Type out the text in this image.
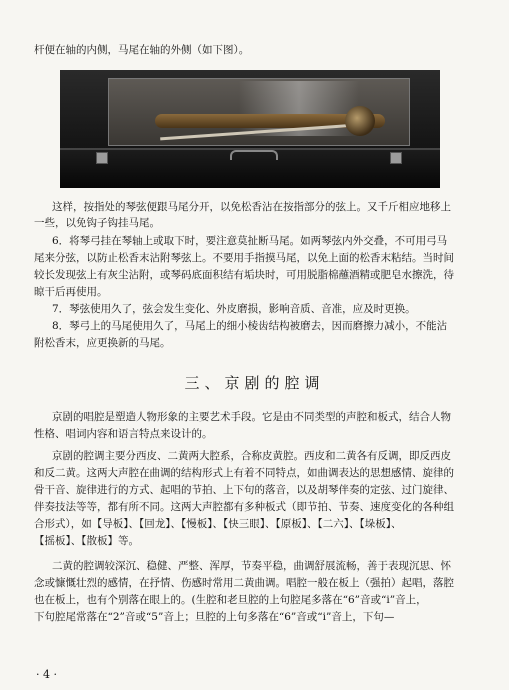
杆便在轴的内侧，马尾在轴的外侧（如下图）。
这样，按指处的琴弦便跟马尾分开，以免松香沾在按指部分的弦上。又千斤相应地移上
一些，以免钩子钩挂马尾。
6．将琴弓挂在琴轴上或取下时，要注意莫扯断马尾。如两琴弦内外交叠，不可用弓马
尾来分弦，以防止松香末沾附琴弦上。不要用手指摸马尾，以免上面的松香末粘结。当时间
较长发现弦上有灰尘沾附，或琴码底面积结有垢块时，可用脱脂棉蘸酒精或肥皂水擦洗，待
晾干后再使用。
7．琴弦使用久了，弦会发生变化、外皮磨损，影响音质、音准，应及时更换。
8．琴弓上的马尾使用久了，马尾上的细小棱齿结构被磨去，因而磨擦力减小，不能沾
附松香末，应更换新的马尾。
三、京剧的腔调
京剧的唱腔是塑造人物形象的主要艺术手段。它是由不同类型的声腔和板式，结合人物
性格、唱词内容和语言特点来设计的。
京剧的腔调主要分西皮、二黄两大腔系，合称皮黄腔。西皮和二黄各有反调，即反西皮
和反二黄。这两大声腔在曲调的结构形式上有着不同特点，如曲调表达的思想感情、旋律的
骨干音、旋律进行的方式、起唱的节拍、上下句的落音，以及胡琴伴奏的定弦、过门旋律、
伴奏技法等等，都有所不同。这两大声腔都有多种板式（即节拍、节奏、速度变化的各种组
合形式），如【导板】、【回龙】、【慢板】、【快三眼】、【原板】、【二六】、【垛板】、
【摇板】、【散板】等。
二黄的腔调较深沉、稳健、严整、浑厚，节奏平稳，曲调舒展流畅，善于表现沉思、怀
念或慷慨壮烈的感情，在抒情、伤感时常用二黄曲调。唱腔一般在板上（强拍）起唱，落腔
也在板上，也有个别落在眼上的。(生腔和老旦腔的上句腔尾多落在“6”音或“i”音上，
下句腔尾常落在“2”音或“5”音上；旦腔的上句多落在“6”音或“i”音上，下句—
· 4 ·
